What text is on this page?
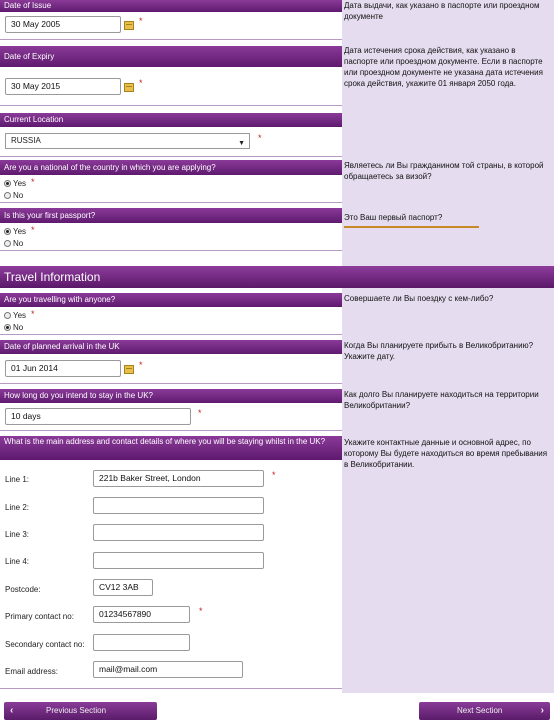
Date of Issue
30 May 2005	*
Дата выдачи, как указано в паспорте или проездном документе
Date of Expiry
30 May 2015	*
Дата истечения срока действия, как указано в паспорте или проездном документе. Если в паспорте или проездном документе не указана дата истечения срока действия, укажите 01 января 2050 года.
Current Location
RUSSIA	▼
*
Are you a national of the country in which you are applying?
Yes *
No
Являетесь ли Вы гражданином той страны, в которой обращаетесь за визой?
Is this your first passport?
Yes *
No
Это Ваш первый паспорт?
Travel Information
Are you travelling with anyone?
Yes *
No
Совершаете ли Вы поездку с кем-либо?
Date of planned arrival in the UK
01 Jun 2014	*
Когда Вы планируете прибыть в Великобританию? Укажите дату.
How long do you intend to stay in the UK?
10 days	*
Как долго Вы планируете находиться на территории Великобритании?
What is the main address and contact details of where you will be staying whilst in the UK?	Укажите контактные данные и основной адрес, по которому Вы будете находиться во время пребывания в Великобритании.
Line 1:	221b Baker Street, London	*
Line 2:
Line 3:
Line 4:
Postcode:	CV12 3AB
Primary contact no:	01234567890	*
Secondary contact no:
Email address:	mail@mail.com
‹	Previous Section	Next Section	›
